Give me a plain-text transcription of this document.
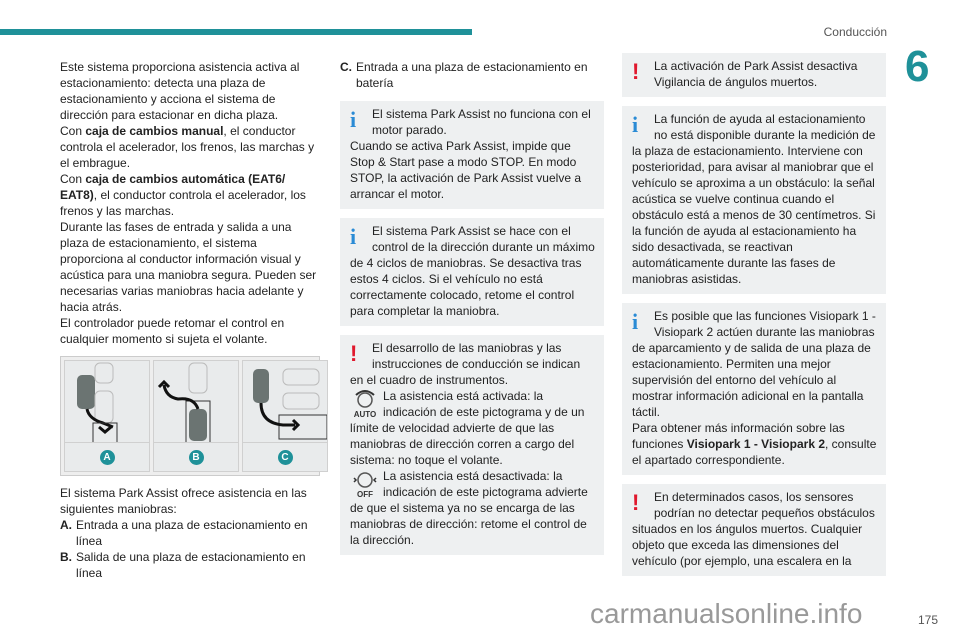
Conducción
6

Este sistema proporciona asistencia activa al estacionamiento: detecta una plaza de estacionamiento y acciona el sistema de dirección para estacionar en dicha plaza.

Con caja de cambios manual, el conductor controla el acelerador, los frenos, las marchas y el embrague.

Con caja de cambios automática (EAT6/ EAT8), el conductor controla el acelerador, los frenos y las marchas.

Durante las fases de entrada y salida a una plaza de estacionamiento, el sistema proporciona al conductor información visual y acústica para una maniobra segura. Pueden ser necesarias varias maniobras hacia adelante y hacia atrás.

El controlador puede retomar el control en cualquier momento si sujeta el volante.

A	B	C

El sistema Park Assist ofrece asistencia en las siguientes maniobras:

A. Entrada a una plaza de estacionamiento en línea
B. Salida de una plaza de estacionamiento en línea
C. Entrada a una plaza de estacionamiento en batería
i	El sistema Park Assist no funciona con el motor parado.

Cuando se activa Park Assist, impide que Stop & Start pase a modo STOP. En modo STOP, la activación de Park Assist vuelve a arrancar el motor.

i	El sistema Park Assist se hace con el control de la dirección durante un máximo de 4 ciclos de maniobras. Se desactiva tras estos 4 ciclos. Si el vehículo no está correctamente colocado, retome el control para completar la maniobra.

!	El desarrollo de las maniobras y las instrucciones de conducción se indican en el cuadro de instrumentos.

AUTO
La asistencia está activada: la indicación de este pictograma y de un límite de velocidad advierte de que las maniobras de dirección corren a cargo del sistema: no toque el volante.

OFF
La asistencia está desactivada: la indicación de este pictograma advierte de que el sistema ya no se encarga de las maniobras de dirección: retome el control de la dirección.

!	La activación de Park Assist desactiva Vigilancia de ángulos muertos.

i	La función de ayuda al estacionamiento no está disponible durante la medición de la plaza de estacionamiento. Interviene con posterioridad, para avisar al maniobrar que el vehículo se aproxima a un obstáculo: la señal acústica se vuelve continua cuando el obstáculo está a menos de 30 centímetros. Si la función de ayuda al estacionamiento ha sido desactivada, se reactivan automáticamente durante las fases de maniobras asistidas.

i	Es posible que las funciones Visiopark 1 - Visiopark 2 actúen durante las maniobras de aparcamiento y de salida de una plaza de estacionamiento. Permiten una mejor supervisión del entorno del vehículo al mostrar información adicional en la pantalla táctil.

Para obtener más información sobre las funciones Visiopark 1 - Visiopark 2, consulte el apartado correspondiente.

!	En determinados casos, los sensores podrían no detectar pequeños obstáculos situados en los ángulos muertos. Cualquier objeto que exceda las dimensiones del vehículo (por ejemplo, una escalera en la

carmanualsonline.info	175
